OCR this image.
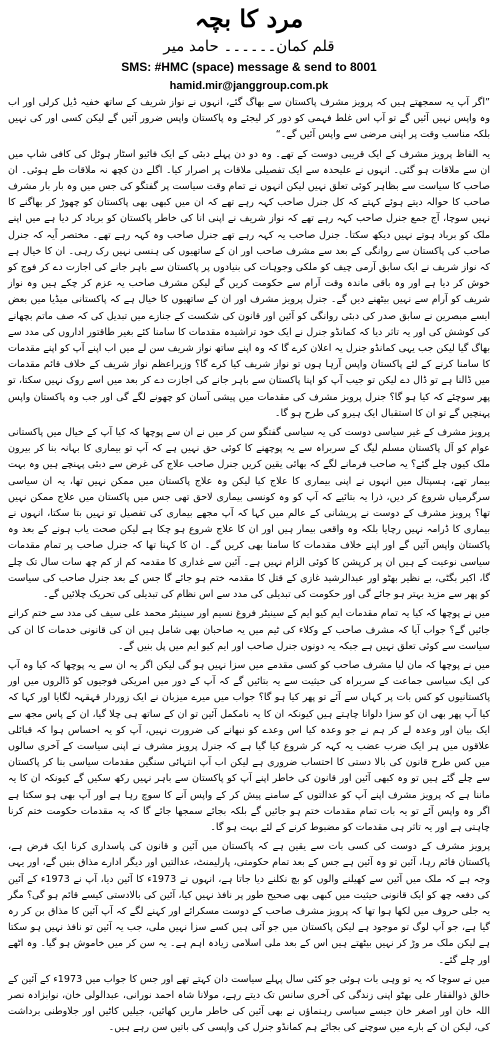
مرد کا بچہ
قلم کمان۔۔۔۔۔۔ حامد میر
SMS: #HMC (space) message & send to 8001
hamid.mir@janggroup.com.pk

”اگر آپ یہ سمجھتے ہیں کہ پرویز مشرف پاکستان سے بھاگ گئے، انہوں نے نواز شریف کے ساتھ خفیہ ڈیل کرلی اور اب وہ واپس نہیں آئیں گے تو آپ اس غلط فہمی کو دور کر لیجئے وہ پاکستان واپس ضرور آئیں گے لیکن کسی اور کی نہیں بلکہ مناسب وقت پر اپنی مرضی سے واپس آئیں گے۔“

یہ الفاظ پرویز مشرف کے ایک قریبی دوست کے تھے۔ وہ دو دن پہلے دبئی کے ایک فائیو اسٹار ہوٹل کی کافی شاپ میں ان سے ملاقات ہو گئی۔ انہوں نے علیحدہ سے ایک تفصیلی ملاقات پر اصرار کیا۔ اگلے دن کچھ نہ ملاقات طے ہوئی۔ ان صاحب کا سیاست سے بظاہر کوئی تعلق نہیں لیکن انہوں نے تمام وقت سیاست پر گفتگو کی جس میں وہ بار بار مشرف صاحب کا حوالہ دیتے ہوئے کہتے کہ کل جنرل صاحب کہہ رہے تھے کہ ان میں کبھی بھی پاکستان کو چھوڑ کر بھاگنے کا نہیں سوچا، آج جمع جنرل صاحب کہہ رہے تھے کہ نواز شریف نے اپنی انا کی خاطر پاکستان کو برباد کر دیا ہے میں اپنے ملک کو برباد ہوتے نہیں دیکھ سکتا۔ جنرل صاحب یہ کہہ رہے تھے جنرل صاحب وہ کہہ رہے تھے۔ مختصر اًیہ کہ جنرل صاحب کی پاکستان سے روانگی کے بعد سے مشرف صاحب اور ان کے ساتھیوں کی ہنسی نہیں رک رہی۔ ان کا خیال ہے کہ نواز شریف نے ایک سابق آرمی چیف کو ملکی وجوہات کی بنیادوں پر پاکستان سے باہر جانے کی اجازت دے کر فوج کو خوش کر دیا ہے اور وہ باقی ماندہ وقت آرام سے حکومت کریں گے لیکن مشرف صاحب یہ عزم کر چکے ہیں وہ نواز شریف کو آرام سے نہیں بیٹھنے دیں گے۔ جنرل پرویز مشرف اور ان کے ساتھیوں کا خیال ہے کہ پاکستانی میڈیا میں بعض ایسے مبصرین نے سابق صدر کی دبئی روانگی کو آئین اور قانون کی شکست کے جنازے میں تبدیل کی کہ صف ماتم بچھانے کی کوشش کی اور یہ تاثر دیا کہ کمانڈو جنرل نے ایک خود تراشیدہ مقدمات کا سامنا کئے بغیر طاقتور اداروں کی مدد سے بھاگ گیا لیکن جب یہی کمانڈو جنرل یہ اعلان کرے گا کہ وہ اپنے ساتھ نواز شریف سن لے میں اب اپنے آپ کو اپنے مقدمات کا سامنا کرنے کے لئے پاکستان واپس آرہا ہوں تو نواز شریف کیا کرے گا؟ وزیراعظم نواز شریف کے خلاف قائم مقدمات میں ڈالنا ہے تو ڈال دے لیکن تو جیب آپ کو اپنا پاکستان سے باہر جانے کی اجازت دے کر بعد میں اسے روک نہیں سکتا، تو پھر سوچئے کہ کیا ہو گا؟ جنرل پرویز مشرف کی مقدمات میں پیشی آسان کو چھونے لگے گی اور جب وہ پاکستان واپس پہنچیں گے تو ان کا استقبال ایک ہیرو کی طرح ہو گا۔

پرویز مشرف کے غیر سیاسی دوست کی یہ سیاسی گفتگو سن کر میں نے ان سے پوچھا کہ کیا آپ کے خیال میں پاکستانی عوام کو آل پاکستان مسلم لیگ کے سربراہ سے یہ پوچھنے کا کوئی حق نہیں ہے کہ آپ تو بیماری کا بہانہ بنا کر بیرون ملک کیوں چلے گئے؟ یہ صاحب فرمانے لگے کہ بھائی یقین کریں جنرل صاحب علاج کی غرض سے دبئی پہنچے ہیں وہ بہت بیمار تھے، ہسپتال میں انہوں نے اپنی بیماری کا علاج کیا لیکن وہ علاج پاکستان میں ممکن نہیں تھا، یہ ان سیاسی سرگرمیاں شروع کر دیں، ذرا یہ بتائیے کہ آپ کو وہ کونسی بیماری لاحق تھی جس میں پاکستان میں علاج ممکن نہیں تھا؟ پرویز مشرف کے دوست نے پریشانی کے عالم میں کہا کہ آپ مجھے بیماری کی تفصیل تو نہیں بتا سکتا، انہوں نے بیماری کا ڈرامہ نہیں رچایا بلکہ وہ واقعی بیمار ہیں اور ان کا علاج شروع ہو چکا ہے لیکن صحت یاب ہونے کے بعد وہ پاکستان واپس آئیں گے اور اپنے خلاف مقدمات کا سامنا بھی کریں گے۔ ان کا کہنا تھا کہ جنرل صاحب پر تمام مقدمات سیاسی نوعیت کے ہیں ان پر کرپشن کا کوئی الزام نہیں ہے۔ آئین سے غداری کا مقدمہ کم از کم چھ سات سال تک چلے گا، اکبر بگٹی، بے نظیر بھٹو اور عبدالرشید غازی کے قتل کا مقدمہ ختم ہو جائے گا جس کے بعد جنرل صاحب کی سیاست کو پھر سے مزید بہتر ہو جائے گی اور حکومت کی تبدیلی کی مدد سے اس نظام کی تبدیلی کی تحریک چلائیں گے۔

میں نے پوچھا کہ کیا یہ تمام مقدمات ایم کیو ایم کے سینیٹر فروغ نسیم اور سینیٹر محمد علی سیف کی مدد سے ختم کرانے جائیں گے؟ جواب آیا کہ مشرف صاحب کے وکلاء کی ٹیم میں یہ صاحبان بھی شامل ہیں ان کی قانونی خدمات کا ان کی سیاست سے کوئی تعلق نہیں ہے جبکہ یہ دونوں جنرل صاحب اور ایم کیو ایم میں پل بنیں گے۔

میں نے پوچھا کہ مان لیا مشرف صاحب کو کسی مقدمے میں سزا نہیں ہو گی لیکن اگر یہ ان سے یہ پوچھا کہ کیا وہ آپ کی ایک سیاسی جماعت کے سربراہ کی حیثیت سے یہ بتائیں گے کہ آپ کے دور میں امریکی فوجیوں کو ڈالروں میں اور پاکستانیوں کو کس بات پر کہاں سے آئے تو پھر کیا ہو گا؟ جواب میں میرے میزبان نے ایک زوردار قہقہہ لگایا اور کہا کہ کیا آپ پھر بھی ان کو سزا دلوانا چاہتے ہیں کیونکہ ان کا یہ نامکمل آئین تو ان کے ساتھ ہی چلا گیا، ان کے پاس مجھ سے ایک بیان اور وعدہ لے کر ہم نے جو وعدہ کیا اس وعدے کو نبھانے کی ضرورت نہیں، آپ کو یہ احساس ہوا کہ قبائلی علاقوں میں ہر ایک ضرب عضب یہ کہہ کر شروع کیا گیا ہے کہ جنرل پرویز مشرف نے اپنی سیاست کے آخری سالوں میں کس طرح قانون کی بالا دستی کا احتساب ضروری ہے لیکن اب آپ انتہائی سنگین مقدمات سیاسی بنا کر پاکستان سے چلے گئے ہیں تو وہ کبھی آئین اور قانون کی خاطر اپنے آپ کو پاکستان سے باہر نہیں رکھ سکیں گے کیونکہ ان کا یہ ماننا ہے کہ پرویز مشرف اپنے آپ کو عدالتوں کے سامنے پیش کر کے واپس آنے کا سوچ رہا ہے اور آپ بھی ہو سکتا ہے اگر وہ واپس آئے تو یہ بات تمام مقدمات ختم ہو جائیں گے بلکہ بجائے سمجھا جائے گا کہ یہ مقدمات حکومت ختم کرنا چاہتی ہے اور یہ تاثر ہی مقدمات کو مضبوط کرنے کے لئے بہت ہو گا۔

پرویز مشرف کے دوست کی کسی بات سے یقین ہے کہ پاکستان میں آئین و قانون کی پاسداری کرنا ایک فرض ہے، پاکستان قائم رہا، آئین تو وہ آئین ہے جس کے بعد تمام حکومتی، پارلیمنٹ، عدالتیں اور دیگر ادارے مذاق بنیں گے، اور یہی وجہ ہے کہ ملک میں آئین سے کھیلنے والوں کو بچ نکلنے دیا جاتا ہے، انہوں نے 1973ء کا آئین دیا، آپ نے 1973ء کے آئین کی دفعہ چھ کو ایک قانونی حیثیت میں کبھی بھی صحیح طور پر نافذ نہیں کیا، آئین کی بالادستی کیسے قائم ہو گی؟ مگر یہ جلی حروف میں لکھا ہوا تھا کہ پرویز مشرف صاحب کے دوست مسکرائے اور کہنے لگے کہ آپ آئین کا مذاق بن کر رہ گیا ہے، جو آپ لوگ تو موجود ہے لیکن پاکستان میں جو آئی ہیں کسے سزا نہیں ملی، جب یہ آئین تو نافذ نہیں ہو سکتا ہے لیکن ملک مر وڑ کر نہیں بیٹھتے ہیں اس کے بعد ملی اسلامی زیادہ اہم ہے۔ یہ سن کر میں خاموش ہو گیا۔ وہ اٹھے اور چلے گئے۔

میں نے سوچا کہ یہ تو وہی بات ہوئی جو کئی سال پہلے سیاست دان کہتے تھے اور جس کا جواب میں 1973ء کے آئین کے خالق ذوالفقار علی بھٹو اپنی زندگی کی آخری سانس تک دیتے رہے، مولانا شاہ احمد نورانی، عبدالولی خان، نوابزادہ نصر اللہ خان اور اصغر خان جیسے سیاسی رہنماؤں نے بھی آئین کی خاطر ماریں کھائیں، جیلیں کاٹیں اور جلاوطنی برداشت کی، لیکن ان کے بارے میں سوچنے کی بجائے ہم کمانڈو جنرل کی واپسی کی باتیں سن رہے ہیں۔
